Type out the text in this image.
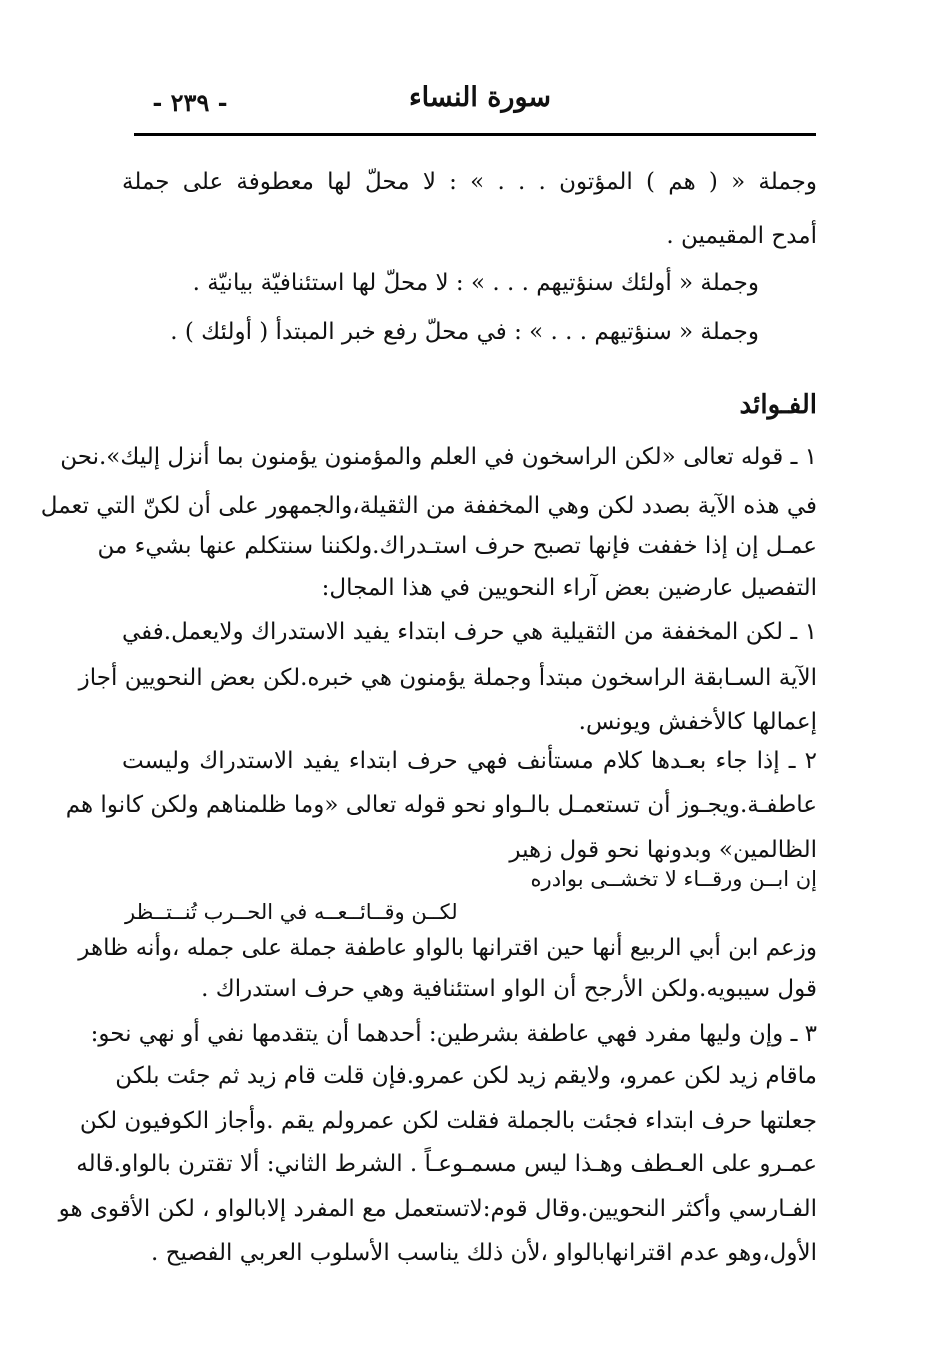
سورة النساء
- ٢٣٩ -
وجملة « ( هم ) المؤتون . . . » : لا محلّ لها معطوفة على جملة
أمدح المقيمين .
وجملة « أولئك سنؤتيهم . . . » : لا محلّ لها استئنافيّة بيانيّة .
وجملة « سنؤتيهم . . . » : في محلّ رفع خبر المبتدأ ( أولئك ) .
الفـوائد
١ ـ قوله تعالى «لكن الراسخون في العلم والمؤمنون يؤمنون بما أنزل إليك».نحن
في هذه الآية بصدد لكن وهي المخففة من الثقيلة،والجمهور على أن لكنّ التي تعمل
عمـل إن إذا خففت فإنها تصبح حرف استـدراك.ولكننا سنتكلم عنها بشيء من
التفصيل عارضين بعض آراء النحويين في هذا المجال:
١ ـ لكن المخففة من الثقيلية هي حرف ابتداء يفيد الاستدراك ولايعمل.ففي
الآية السـابقة الراسخون مبتدأ وجملة يؤمنون هي خبره.لكن بعض النحويين أجاز
إعمالها كالأخفش ويونس.
٢ ـ إذا جاء بعـدها كلام مستأنف فهي حرف ابتداء يفيد الاستدراك وليست
عاطفـة.ويجـوز أن تستعمـل بالـواو نحو قوله تعالى «وما ظلمناهم ولكن كانوا هم
الظالمين» وبدونها نحو قول زهير
إن ابــن ورقــاء لا تخشــى بوادره
لكــن وقــائــعــه في الحــرب تُنــتــظر
وزعم ابن أبي الربيع أنها حين اقترانها بالواو عاطفة جملة على جمله ،وأنه ظاهر
قول سيبويه.ولكن الأرجح أن الواو استئنافية وهي حرف استدراك .
٣ ـ وإن وليها مفرد فهي عاطفة بشرطين: أحدهما أن يتقدمها نفي أو نهي نحو:
ماقام زيد لكن عمرو، ولايقم زيد لكن عمرو.فإن قلت قام زيد ثم جئت بلكن
جعلتها حرف ابتداء فجئت بالجملة فقلت لكن عمرولم يقم .وأجاز الكوفيون لكن
عمـرو على العـطف وهـذا ليس مسمـوعـاً . الشرط الثاني: ألا تقترن بالواو.قاله
الفـارسي وأكثر النحويين.وقال قوم:لاتستعمل مع المفرد إلابالواو ، لكن الأقوى هو
الأول،وهو عدم اقترانهابالواو ،لأن ذلك يناسب الأسلوب العربي الفصيح .
